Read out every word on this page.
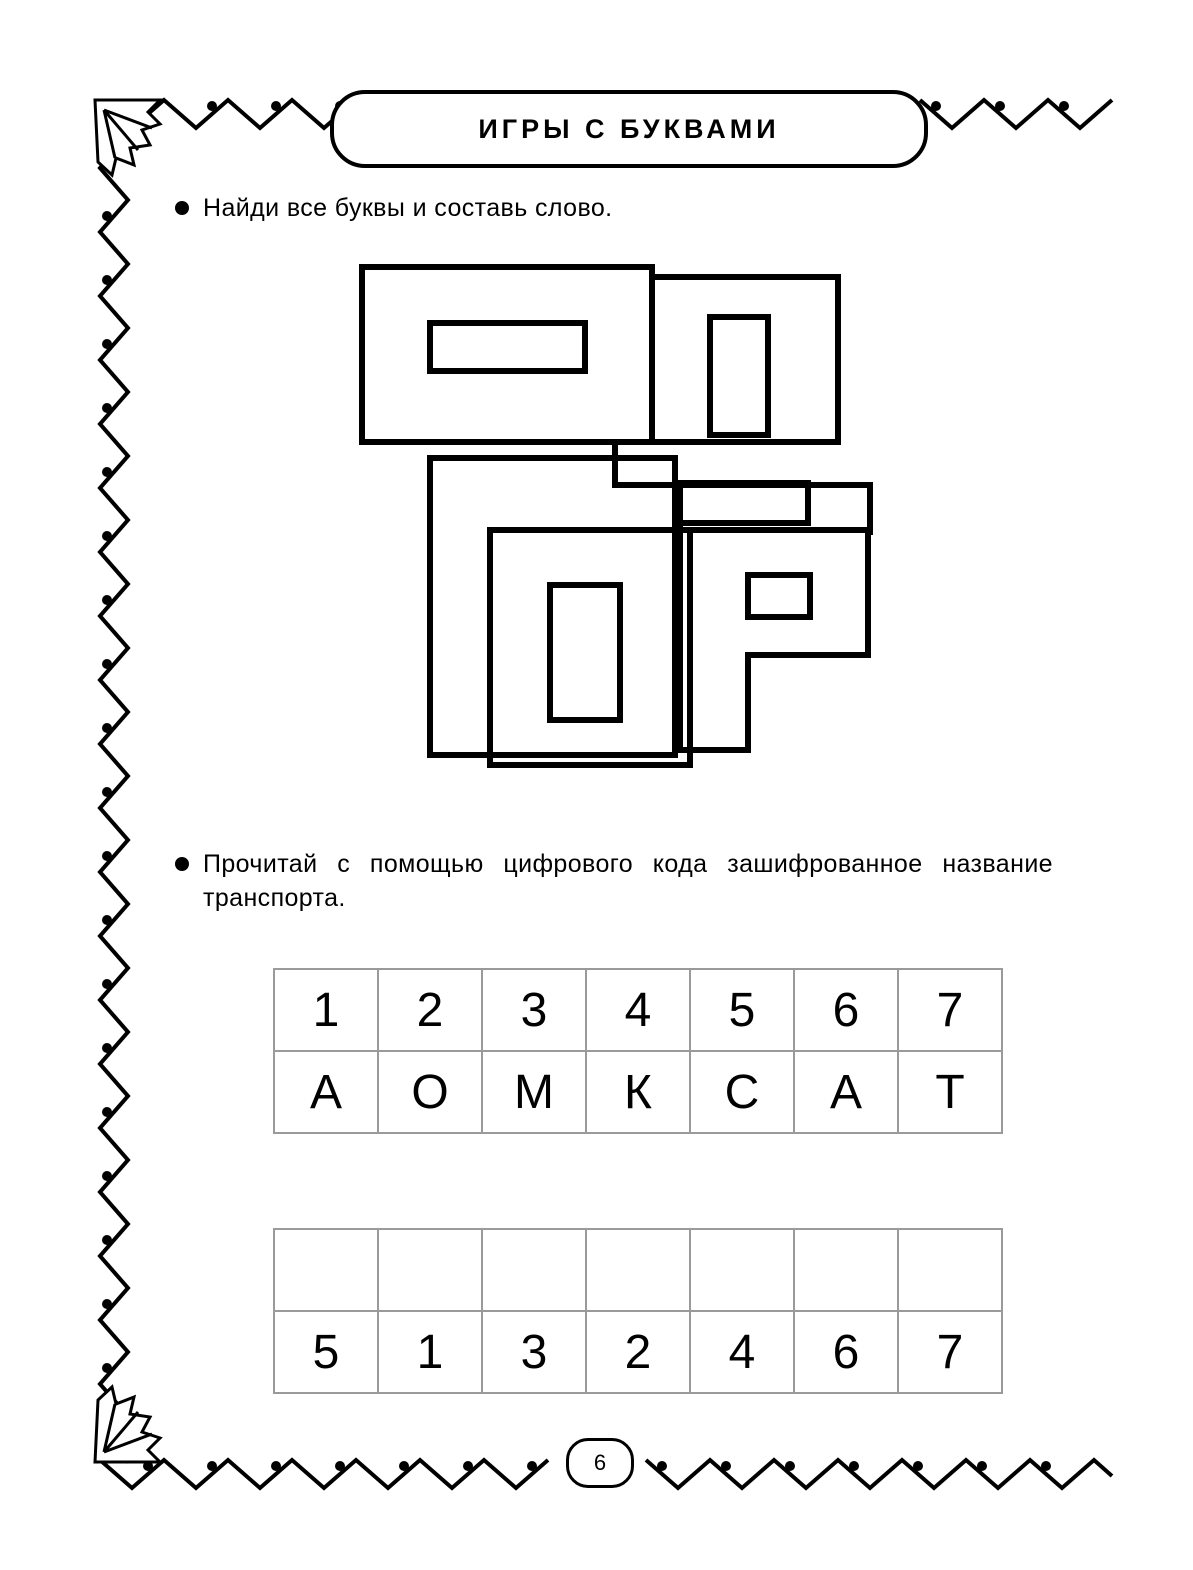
ИГРЫ С БУКВАМИ
Найди все буквы и составь слово.
Прочитай с помощью цифрового кода зашифрованное название транспорта.
1	2	3	4	5	6	7
А	О	М	К	С	А	Т

5	1	3	2	4	6	7
6
